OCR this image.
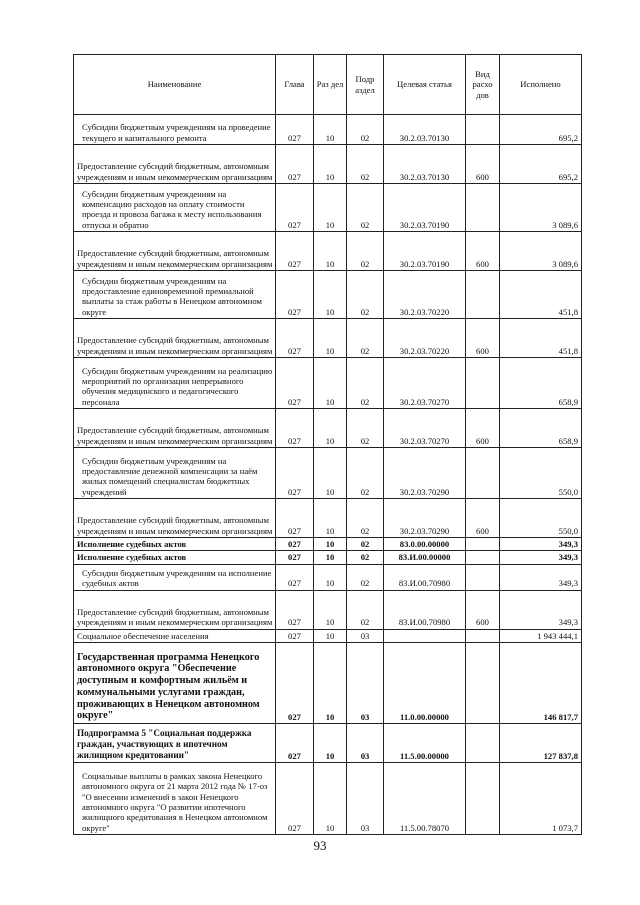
Наименование	Глава	Раз дел	Подр аздел	Целевая статья	Вид расхо дов	Исполнено
Субсидии бюджетным учреждениям на проведение текущего и капитального ремонта	027	10	02	30.2.03.70130		695,2
Предоставление субсидий бюджетным, автономным учреждениям и иным некоммерческим организациям	027	10	02	30.2.03.70130	600	695,2
Субсидии бюджетным учреждениям на компенсацию расходов на оплату стоимости проезда и провоза багажа к месту использования отпуска и обратно	027	10	02	30.2.03.70190		3 089,6
Предоставление субсидий бюджетным, автономным учреждениям и иным некоммерческим организациям	027	10	02	30.2.03.70190	600	3 089,6
Субсидии бюджетным учреждениям на предоставление единовременной премиальной выплаты за стаж работы в Ненецком автономном округе	027	10	02	30.2.03.70220		451,8
Предоставление субсидий бюджетным, автономным учреждениям и иным некоммерческим организациям	027	10	02	30.2.03.70220	600	451,8
Субсидии бюджетным учреждениям на реализацию мероприятий по организации непрерывного обучения медицинского и педагогического персонала	027	10	02	30.2.03.70270		658,9
Предоставление субсидий бюджетным, автономным учреждениям и иным некоммерческим организациям	027	10	02	30.2.03.70270	600	658,9
Субсидии бюджетным учреждениям на предоставление денежной компенсации за наём жилых помещений специалистам бюджетных учреждений	027	10	02	30.2.03.70290		550,0
Предоставление субсидий бюджетным, автономным учреждениям и иным некоммерческим организациям	027	10	02	30.2.03.70290	600	550,0
Исполнение судебных актов	027	10	02	83.0.00.00000		349,3
Исполнение судебных актов	027	10	02	83.И.00.00000		349,3
Субсидии бюджетным учреждениям на исполнение судебных актов	027	10	02	83.И.00.70980		349,3
Предоставление субсидий бюджетным, автономным учреждениям и иным некоммерческим организациям	027	10	02	83.И.00.70980	600	349,3
Социальное обеспечение населения	027	10	03			1 943 444,1
Государственная программа Ненецкого автономного округа "Обеспечение доступным и комфортным жильём и коммунальными услугами граждан, проживающих в Ненецком автономном округе"	027	10	03	11.0.00.00000		146 817,7
Подпрограмма 5 "Социальная поддержка граждан, участвующих в ипотечном жилищном кредитовании"	027	10	03	11.5.00.00000		127 837,8
Социальные выплаты в рамках закона Ненецкого автономного округа от 21 марта 2012 года № 17-оз "О внесении изменений в закон Ненецкого автономного округа "О развитии ипотечного жилищного кредитования в Ненецком автономном округе"	027	10	03	11.5.00.78070		1 073,7
93
